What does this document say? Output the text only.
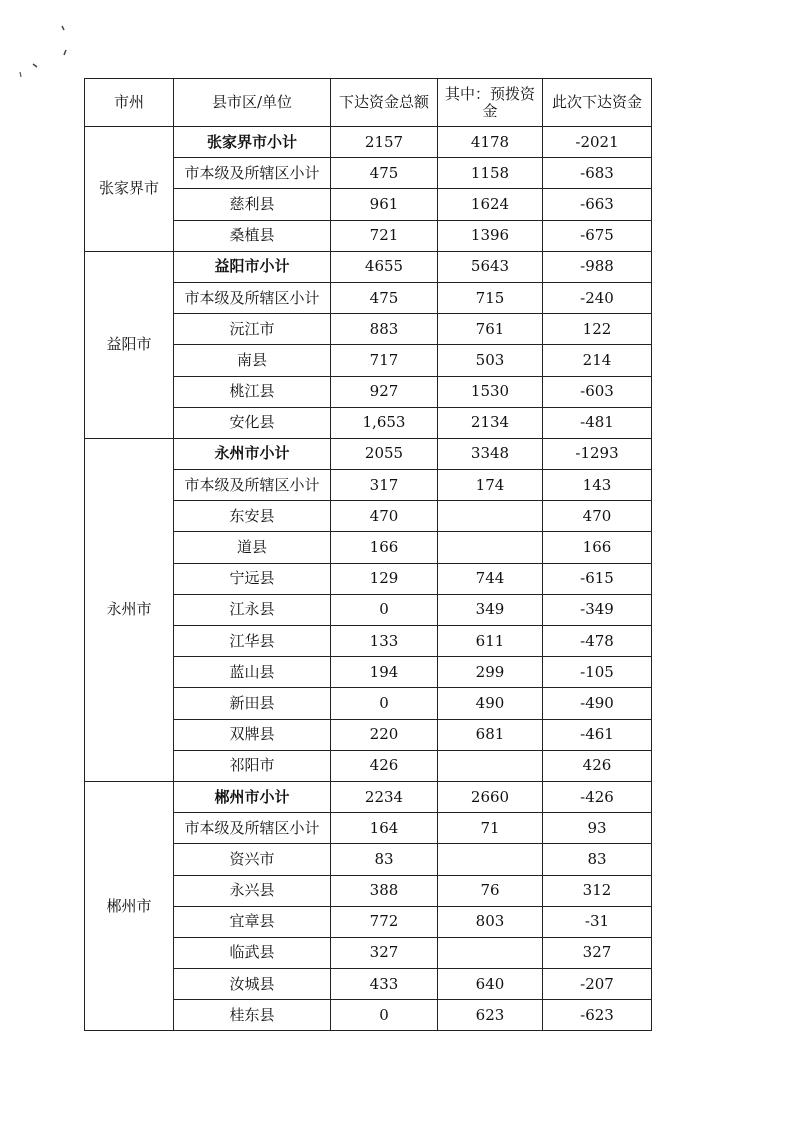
市州	县市区/单位	下达资金总额	其中：预拨资金	此次下达资金
张家界市	张家界市小计	2157	4178	-2021
	市本级及所辖区小计	475	1158	-683
	慈利县	961	1624	-663
	桑植县	721	1396	-675
益阳市	益阳市小计	4655	5643	-988
	市本级及所辖区小计	475	715	-240
	沅江市	883	761	122
	南县	717	503	214
	桃江县	927	1530	-603
	安化县	1,653	2134	-481
永州市	永州市小计	2055	3348	-1293
	市本级及所辖区小计	317	174	143
	东安县	470		470
	道县	166		166
	宁远县	129	744	-615
	江永县	0	349	-349
	江华县	133	611	-478
	蓝山县	194	299	-105
	新田县	0	490	-490
	双牌县	220	681	-461
	祁阳市	426		426
郴州市	郴州市小计	2234	2660	-426
	市本级及所辖区小计	164	71	93
	资兴市	83		83
	永兴县	388	76	312
	宜章县	772	803	-31
	临武县	327		327
	汝城县	433	640	-207
	桂东县	0	623	-623
